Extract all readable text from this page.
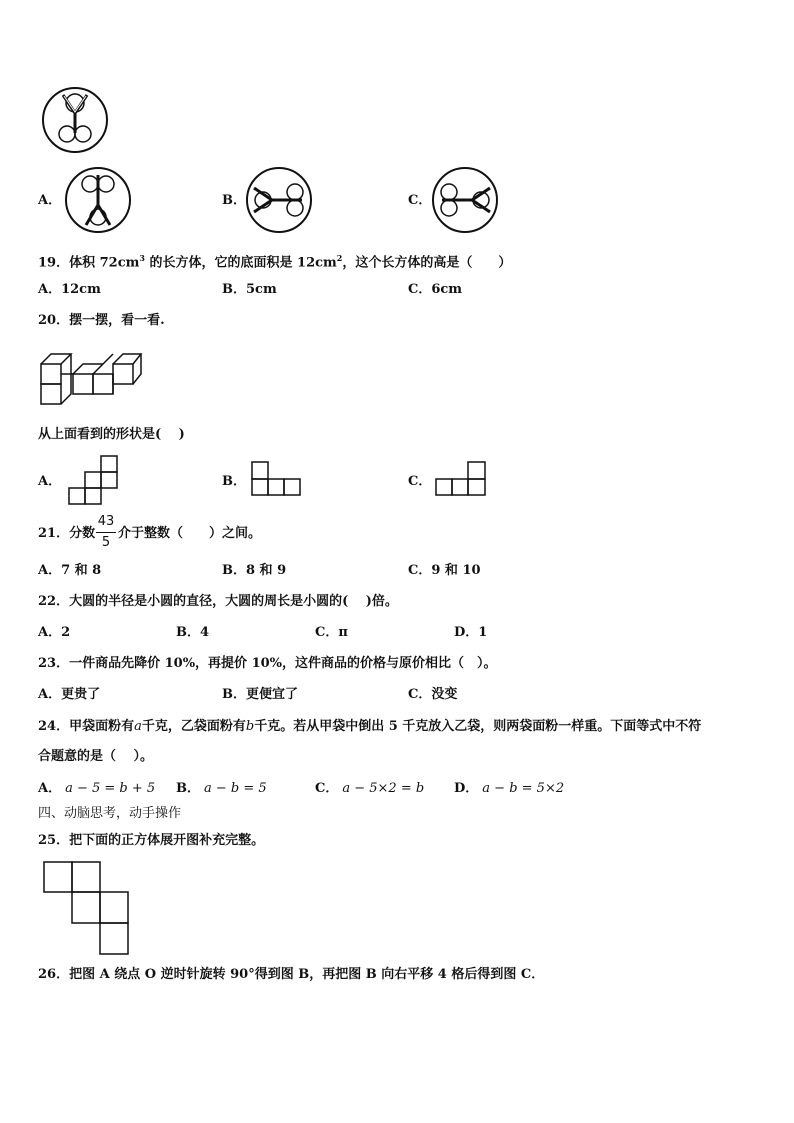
A．	B．	C．
19．体积 $72cm^3$ 的长方体，它的底面积是 $12cm^2$，这个长方体的高是（　　）
A．12cm	B．5cm	C．6cm
20．摆一摆，看一看.
从上面看到的形状是(　 )
A．	B．	C．
21．分数
43
5
介于整数（　　）之间。
A．7 和 8	B．8 和 9	C．9 和 10
22．大圆的半径是小圆的直径，大圆的周长是小圆的(　 )倍。
A．2	B．4	C．π	D．1
23．一件商品先降价 10%，再提价 10%，这件商品的价格与原价相比（　）。
A．更贵了	B．更便宜了	C．没变
24．甲袋面粉有a千克，乙袋面粉有b千克。若从甲袋中倒出 5 千克放入乙袋，则两袋面粉一样重。下面等式中不符
合题意的是（　 ）。
A． a − 5 = b + 5 B． a − b = 5	C． a − 5×2 = b D． a − b = 5×2
四、动脑思考，动手操作
25．把下面的正方体展开图补充完整。
26．把图 A 绕点 O 逆时针旋转 90°得到图 B，再把图 B 向右平移 4 格后得到图 C．
